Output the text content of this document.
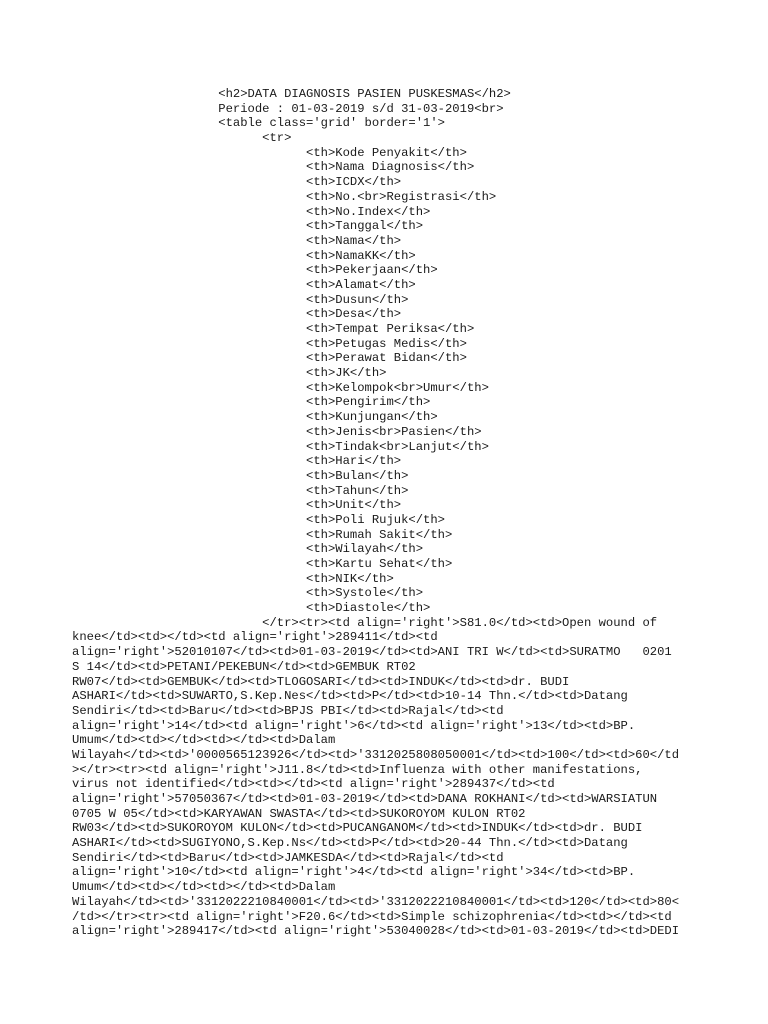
<h2>DATA DIAGNOSIS PASIEN PUSKESMAS</h2>
Periode : 01-03-2019 s/d 31-03-2019<br>
<table class='grid' border='1'>
<tr>
<th>Kode Penyakit</th>
<th>Nama Diagnosis</th>
<th>ICDX</th>
<th>No.<br>Registrasi</th>
<th>No.Index</th>
<th>Tanggal</th>
<th>Nama</th>
<th>NamaKK</th>
<th>Pekerjaan</th>
<th>Alamat</th>
<th>Dusun</th>
<th>Desa</th>
<th>Tempat Periksa</th>
<th>Petugas Medis</th>
<th>Perawat Bidan</th>
<th>JK</th>
<th>Kelompok<br>Umur</th>
<th>Pengirim</th>
<th>Kunjungan</th>
<th>Jenis<br>Pasien</th>
<th>Tindak<br>Lanjut</th>
<th>Hari</th>
<th>Bulan</th>
<th>Tahun</th>
<th>Unit</th>
<th>Poli Rujuk</th>
<th>Rumah Sakit</th>
<th>Wilayah</th>
<th>Kartu Sehat</th>
<th>NIK</th>
<th>Systole</th>
<th>Diastole</th>
</tr><tr><td align='right'>S81.0</td><td>Open wound of
knee</td><td></td><td align='right'>289411</td><td
align='right'>52010107</td><td>01-03-2019</td><td>ANI TRI W</td><td>SURATMO   0201
S 14</td><td>PETANI/PEKEBUN</td><td>GEMBUK RT02
RW07</td><td>GEMBUK</td><td>TLOGOSARI</td><td>INDUK</td><td>dr. BUDI
ASHARI</td><td>SUWARTO,S.Kep.Nes</td><td>P</td><td>10-14 Thn.</td><td>Datang
Sendiri</td><td>Baru</td><td>BPJS PBI</td><td>Rajal</td><td
align='right'>14</td><td align='right'>6</td><td align='right'>13</td><td>BP.
Umum</td><td></td><td></td><td>Dalam
Wilayah</td><td>'0000565123926</td><td>'3312025808050001</td><td>100</td><td>60</td
></tr><tr><td align='right'>J11.8</td><td>Influenza with other manifestations,
virus not identified</td><td></td><td align='right'>289437</td><td
align='right'>57050367</td><td>01-03-2019</td><td>DANA ROKHANI</td><td>WARSIATUN
0705 W 05</td><td>KARYAWAN SWASTA</td><td>SUKOROYOM KULON RT02
RW03</td><td>SUKOROYOM KULON</td><td>PUCANGANOM</td><td>INDUK</td><td>dr. BUDI
ASHARI</td><td>SUGIYONO,S.Kep.Ns</td><td>P</td><td>20-44 Thn.</td><td>Datang
Sendiri</td><td>Baru</td><td>JAMKESDA</td><td>Rajal</td><td
align='right'>10</td><td align='right'>4</td><td align='right'>34</td><td>BP.
Umum</td><td></td><td></td><td>Dalam
Wilayah</td><td>'3312022210840001</td><td>'3312022210840001</td><td>120</td><td>80<
/td></tr><tr><td align='right'>F20.6</td><td>Simple schizophrenia</td><td></td><td
align='right'>289417</td><td align='right'>53040028</td><td>01-03-2019</td><td>DEDI
